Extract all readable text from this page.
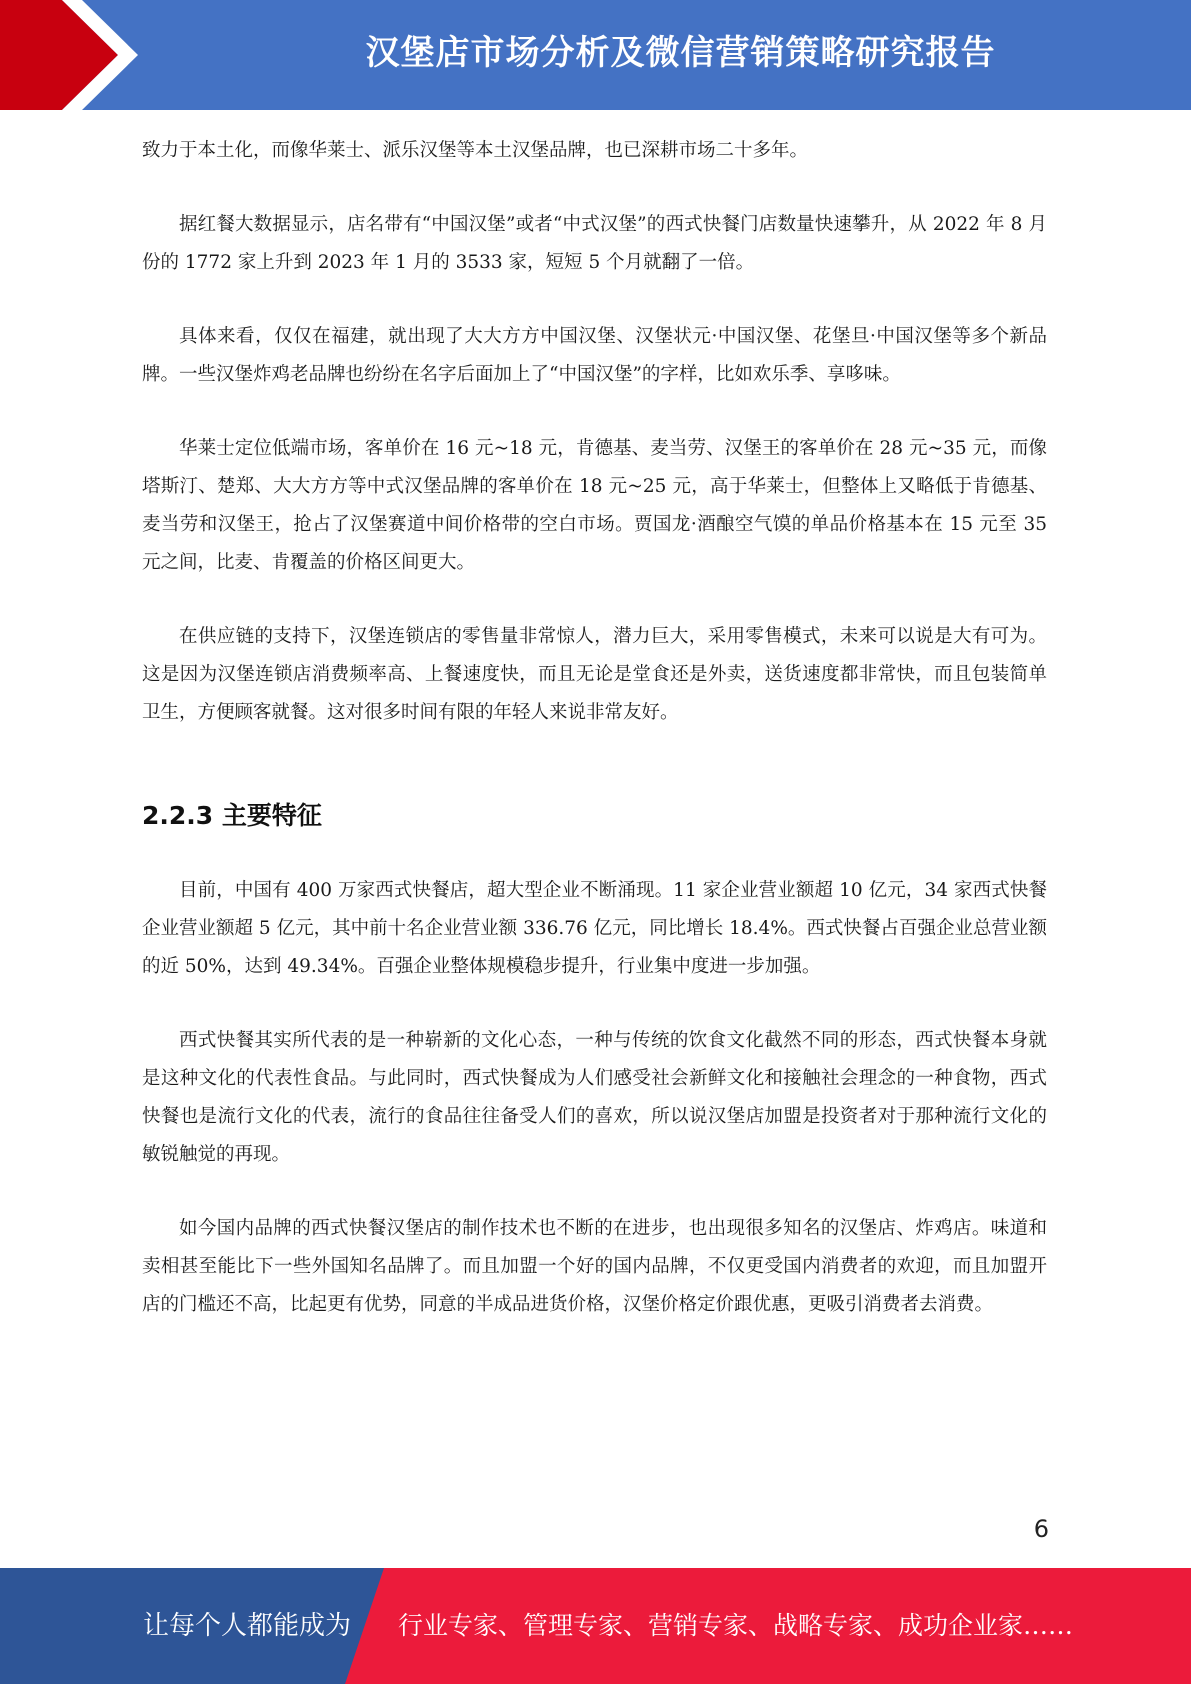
汉堡店市场分析及微信营销策略研究报告

致力于本土化，而像华莱士、派乐汉堡等本土汉堡品牌，也已深耕市场二十多年。

据红餐大数据显示，店名带有“中国汉堡”或者“中式汉堡”的西式快餐门店数量快速攀升，从 2022 年 8 月份的 1772 家上升到 2023 年 1 月的 3533 家，短短 5 个月就翻了一倍。

具体来看，仅仅在福建，就出现了大大方方中国汉堡、汉堡状元·中国汉堡、花堡旦·中国汉堡等多个新品牌。一些汉堡炸鸡老品牌也纷纷在名字后面加上了“中国汉堡”的字样，比如欢乐季、享哆味。

华莱士定位低端市场，客单价在 16 元~18 元，肯德基、麦当劳、汉堡王的客单价在 28 元~35 元，而像塔斯汀、楚郑、大大方方等中式汉堡品牌的客单价在 18 元~25 元，高于华莱士，但整体上又略低于肯德基、麦当劳和汉堡王，抢占了汉堡赛道中间价格带的空白市场。贾国龙·酒酿空气馍的单品价格基本在 15 元至 35 元之间，比麦、肯覆盖的价格区间更大。

在供应链的支持下，汉堡连锁店的零售量非常惊人，潜力巨大，采用零售模式，未来可以说是大有可为。这是因为汉堡连锁店消费频率高、上餐速度快，而且无论是堂食还是外卖，送货速度都非常快，而且包装简单卫生，方便顾客就餐。这对很多时间有限的年轻人来说非常友好。

2.2.3 主要特征

目前，中国有 400 万家西式快餐店，超大型企业不断涌现。11 家企业营业额超 10 亿元，34 家西式快餐企业营业额超 5 亿元，其中前十名企业营业额 336.76 亿元，同比增长 18.4%。西式快餐占百强企业总营业额的近 50%，达到 49.34%。百强企业整体规模稳步提升，行业集中度进一步加强。

西式快餐其实所代表的是一种崭新的文化心态，一种与传统的饮食文化截然不同的形态，西式快餐本身就是这种文化的代表性食品。与此同时，西式快餐成为人们感受社会新鲜文化和接触社会理念的一种食物，西式快餐也是流行文化的代表，流行的食品往往备受人们的喜欢，所以说汉堡店加盟是投资者对于那种流行文化的敏锐触觉的再现。

如今国内品牌的西式快餐汉堡店的制作技术也不断的在进步，也出现很多知名的汉堡店、炸鸡店。味道和卖相甚至能比下一些外国知名品牌了。而且加盟一个好的国内品牌，不仅更受国内消费者的欢迎，而且加盟开店的门槛还不高，比起更有优势，同意的半成品进货价格，汉堡价格定价跟优惠，更吸引消费者去消费。

6
让每个人都能成为 行业专家、管理专家、营销专家、战略专家、成功企业家……
